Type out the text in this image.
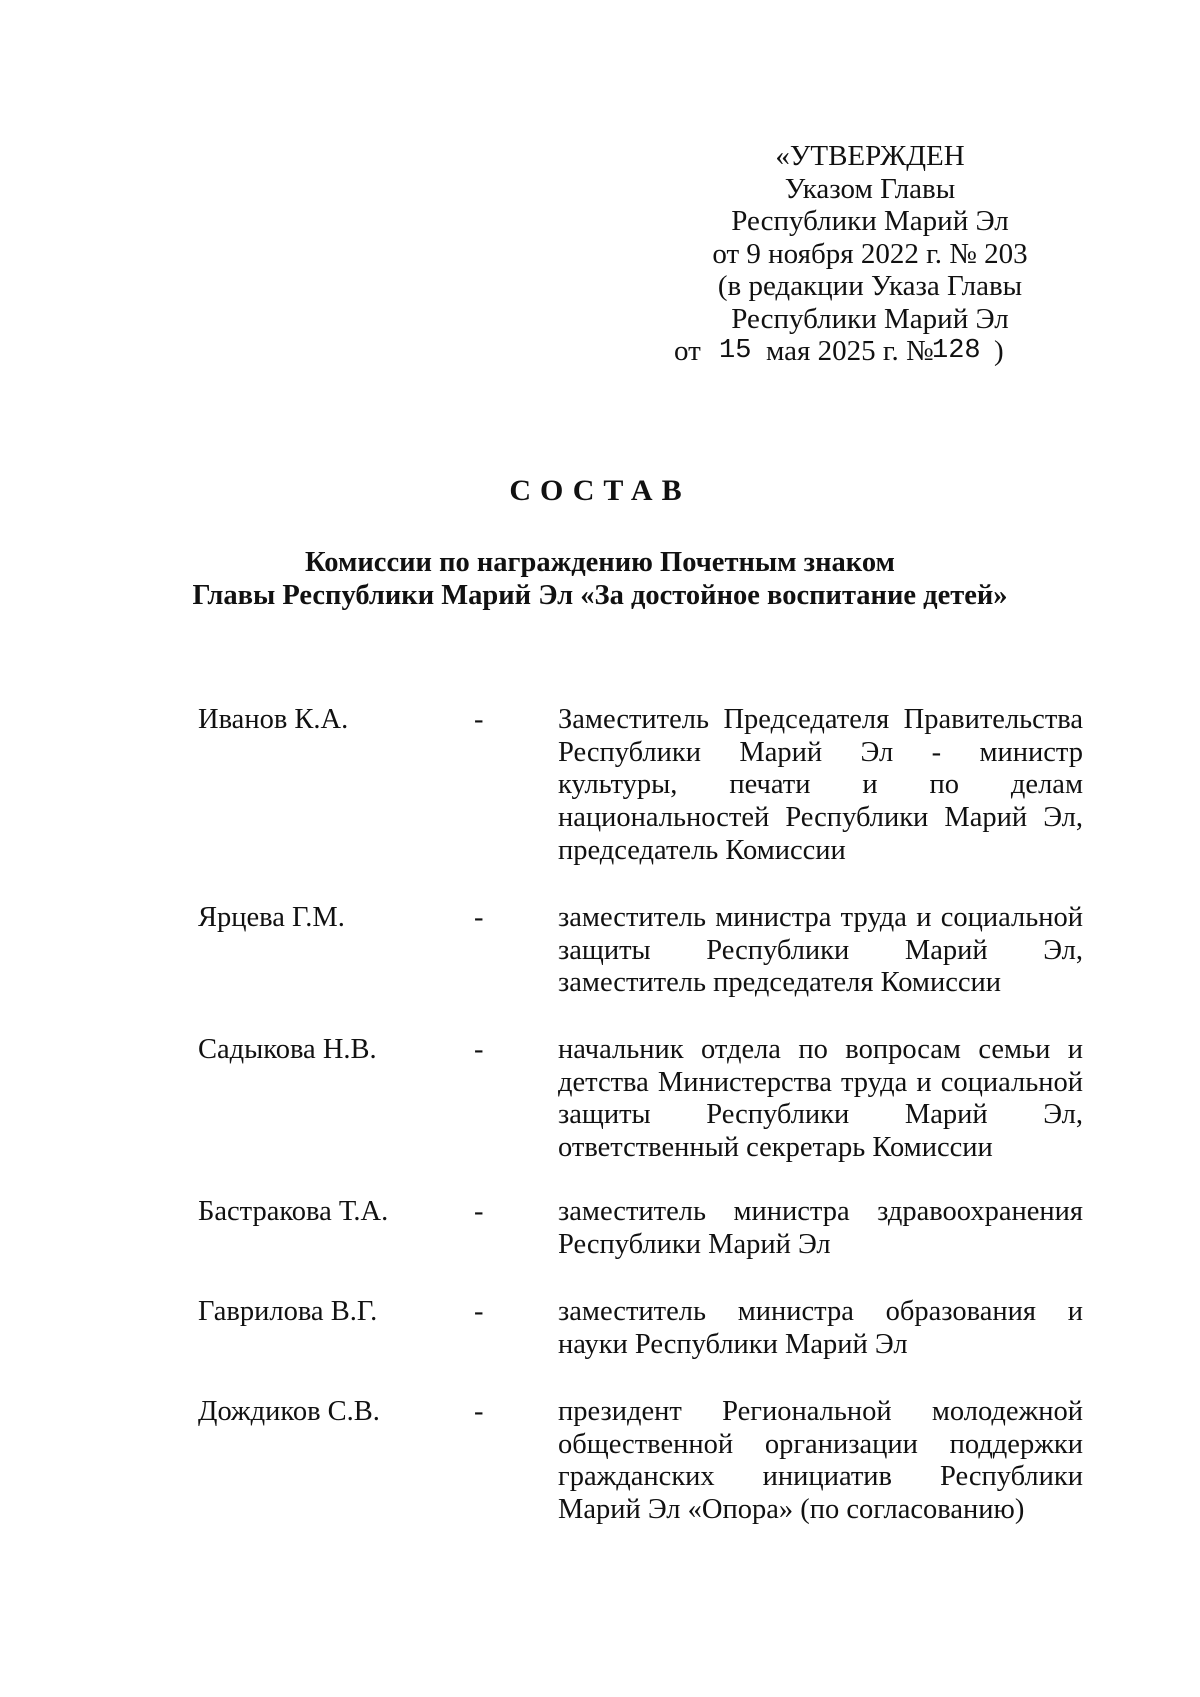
«УТВЕРЖДЕН
Указом Главы
Республики Марий Эл
от 9 ноября 2022 г. № 203
(в редакции Указа Главы
Республики Марий Эл
от 15 мая 2025 г. №
128 )
СОСТАВ
Комиссии по награждению Почетным знаком
Главы Республики Марий Эл «За достойное воспитание детей»
Иванов К.А.	-	Заместитель Председателя Правительства Республики Марий Эл - министр культуры, печати и по делам национальностей Республики Марий Эл, председатель Комиссии
Ярцева Г.М.	-	заместитель министра труда и социальной защиты Республики Марий Эл, заместитель председателя Комиссии
Садыкова Н.В.	-	начальник отдела по вопросам семьи и детства Министерства труда и социальной защиты Республики Марий Эл, ответственный секретарь Комиссии
Бастракова Т.А.	-	заместитель министра здравоохранения Республики Марий Эл
Гаврилова В.Г.	-	заместитель министра образования и науки Республики Марий Эл
Дождиков С.В.	-	президент Региональной молодежной общественной организации поддержки гражданских инициатив Республики Марий Эл «Опора» (по согласованию)
